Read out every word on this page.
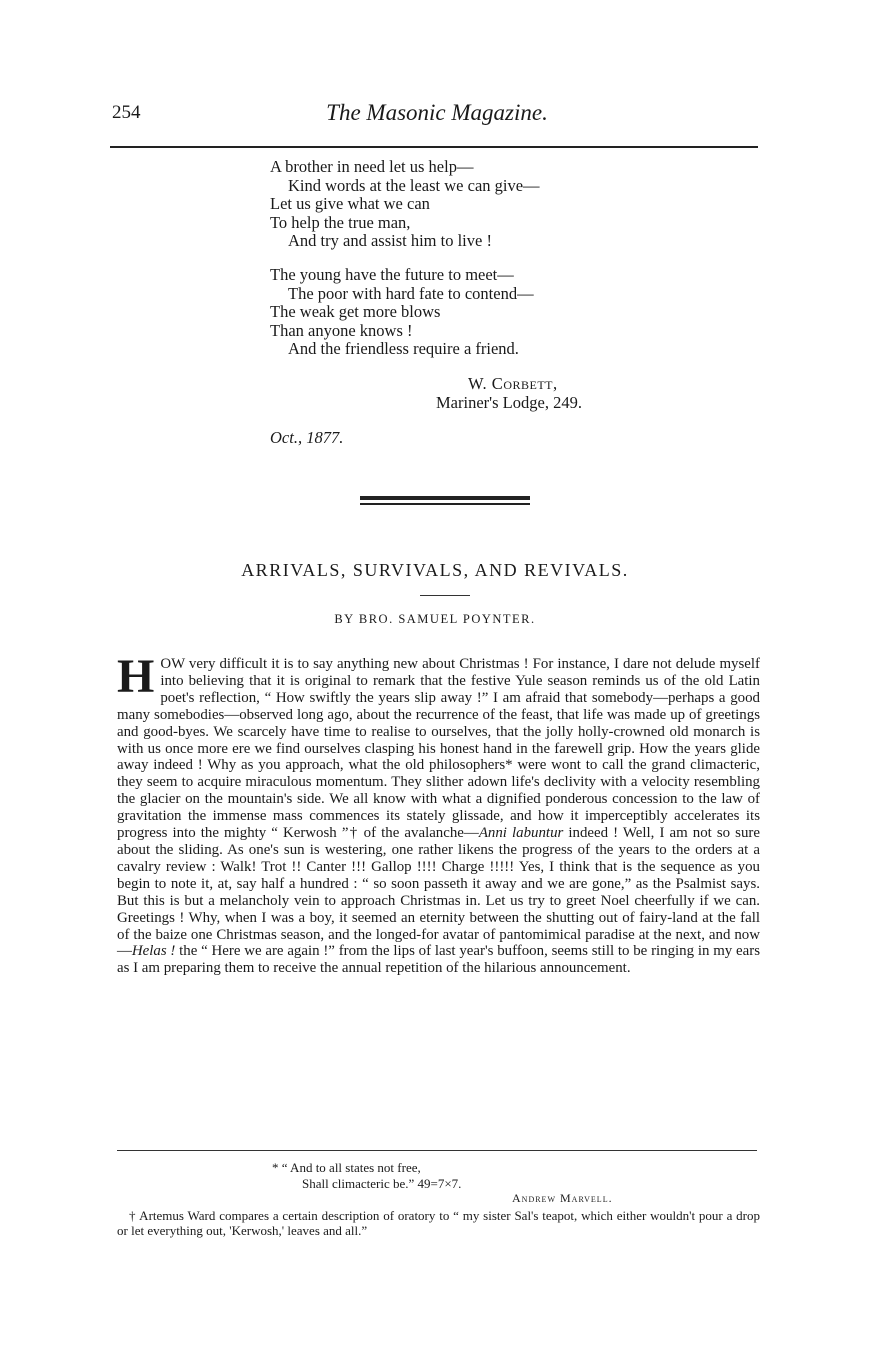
254	The Masonic Magazine.
A brother in need let us help—
Kind words at the least we can give—
Let us give what we can
To help the true man,
And try and assist him to live !
The young have the future to meet—
The poor with hard fate to contend—
The weak get more blows
Than anyone knows !
And the friendless require a friend.
W. Corbett,
Mariner's Lodge, 249.
Oct., 1877.
ARRIVALS, SURVIVALS, AND REVIVALS.
BY BRO. SAMUEL POYNTER.

HOW very difficult it is to say anything new about Christmas ! For instance, I dare not delude myself into believing that it is original to remark that the festive Yule season reminds us of the old Latin poet's reflection, “ How swiftly the years slip away !” I am afraid that somebody—perhaps a good many somebodies—observed long ago, about the recurrence of the feast, that life was made up of greetings and good-byes. We scarcely have time to realise to ourselves, that the jolly holly-crowned old monarch is with us once more ere we find ourselves clasping his honest hand in the farewell grip. How the years glide away indeed ! Why as you approach, what the old philosophers* were wont to call the grand climacteric, they seem to acquire miraculous momentum. They slither adown life's declivity with a velocity resembling the glacier on the mountain's side. We all know with what a dignified ponderous concession to the law of gravitation the immense mass commences its stately glissade, and how it imperceptibly accelerates its progress into the mighty “ Kerwosh ”† of the avalanche—Anni labuntur indeed ! Well, I am not so sure about the sliding. As one's sun is westering, one rather likens the progress of the years to the orders at a cavalry review : Walk! Trot !! Canter !!! Gallop !!!! Charge !!!!! Yes, I think that is the sequence as you begin to note it, at, say half a hundred : “ so soon passeth it away and we are gone,” as the Psalmist says. But this is but a melancholy vein to approach Christmas in. Let us try to greet Noel cheerfully if we can. Greetings ! Why, when I was a boy, it seemed an eternity between the shutting out of fairy-land at the fall of the baize one Christmas season, and the longed-for avatar of pantomimical paradise at the next, and now—Helas ! the “ Here we are again !” from the lips of last year's buffoon, seems still to be ringing in my ears as I am preparing them to receive the annual repetition of the hilarious announcement.

* “ And to all states not free,
Shall climacteric be.” 49=7×7.
Andrew Marvell.
† Artemus Ward compares a certain description of oratory to “ my sister Sal's teapot, which either wouldn't pour a drop or let everything out, 'Kerwosh,' leaves and all.”
